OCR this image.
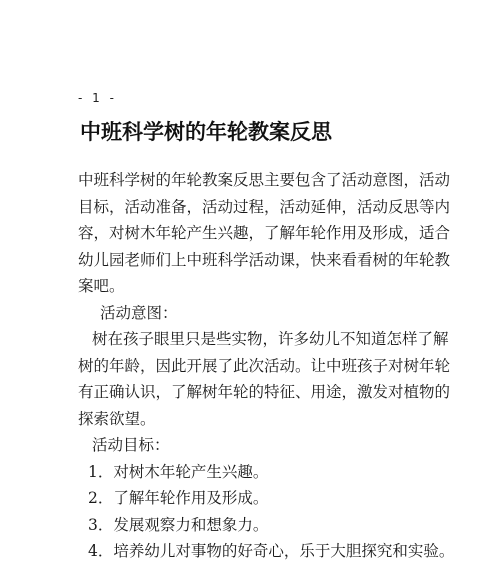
- 1 -
中班科学树的年轮教案反思
中班科学树的年轮教案反思主要包含了活动意图，活动
目标，活动准备，活动过程，活动延伸，活动反思等内
容，对树木年轮产生兴趣，了解年轮作用及形成，适合
幼儿园老师们上中班科学活动课，快来看看树的年轮教
案吧。
活动意图：
树在孩子眼里只是些实物，许多幼儿不知道怎样了解
树的年龄，因此开展了此次活动。让中班孩子对树年轮
有正确认识，了解树年轮的特征、用途，激发对植物的
探索欲望。
活动目标：
1．对树木年轮产生兴趣。
2．了解年轮作用及形成。
3．发展观察力和想象力。
4．培养幼儿对事物的好奇心，乐于大胆探究和实验。
